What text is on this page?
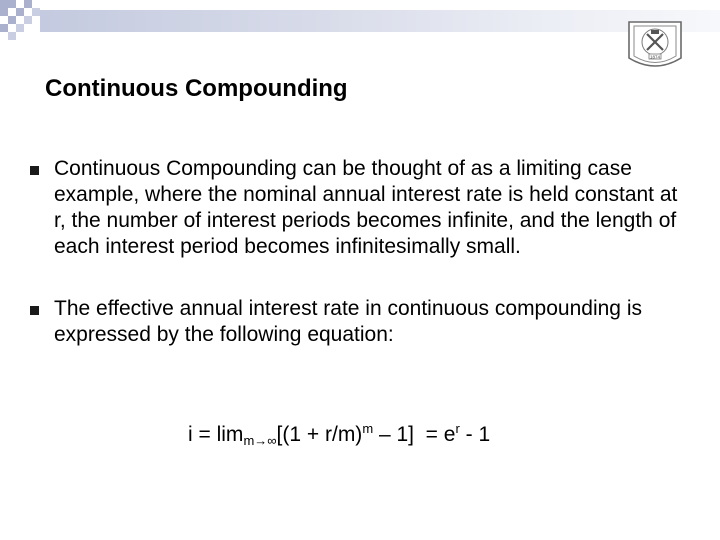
1874
Continuous Compounding
Continuous Compounding can be thought of as a limiting case example, where the nominal annual interest rate is held constant at r, the number of interest periods becomes infinite, and the length of each interest period becomes infinitesimally small.
The effective annual interest rate in continuous compounding is expressed by the following equation:
$i = \lim_{m\to\infty}[(1 + r/m)^m - 1] = e^r - 1$
